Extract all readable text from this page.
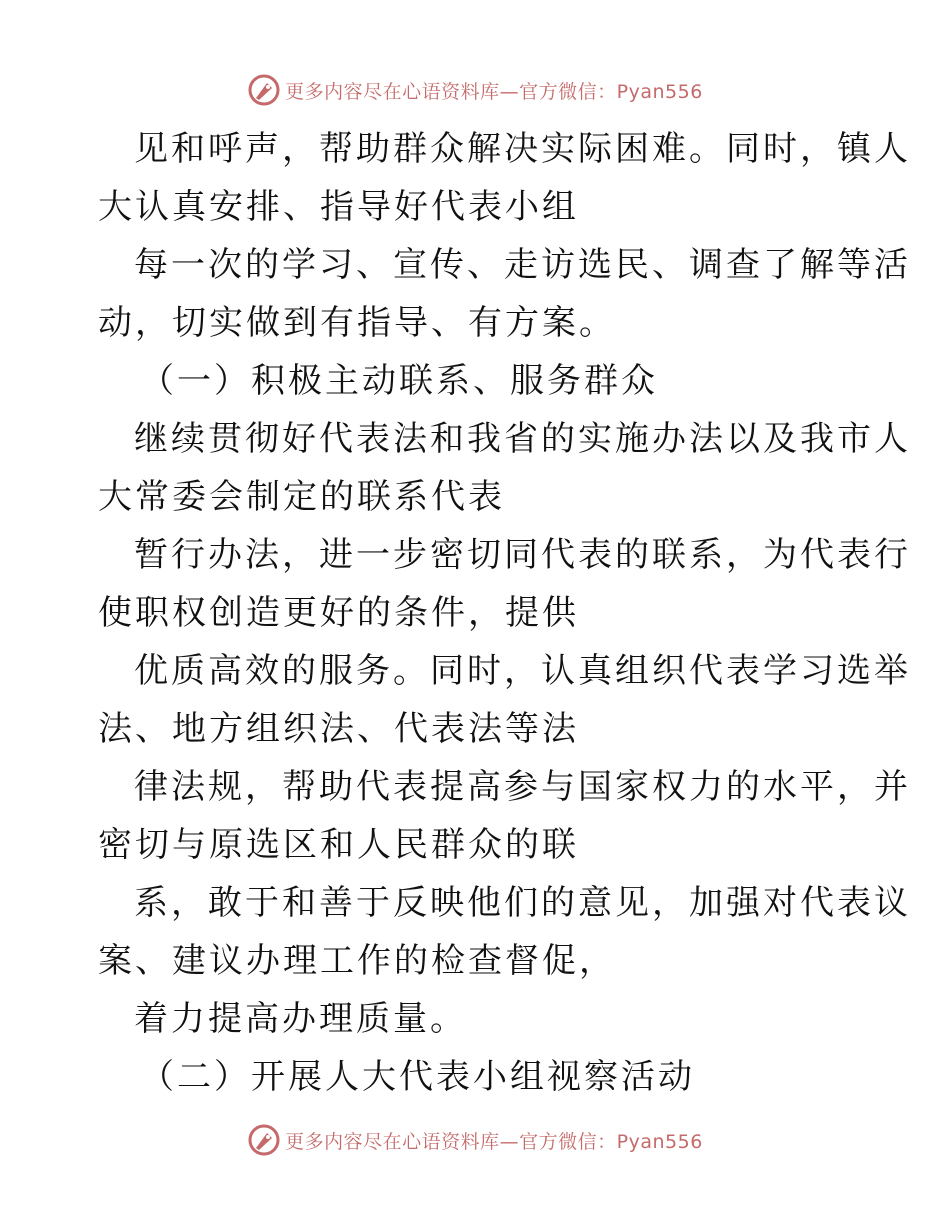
更多内容尽在心语资料库—官方微信：Pyan556
见和呼声，帮助群众解决实际困难。同时，镇人
大认真安排、指导好代表小组
每一次的学习、宣传、走访选民、调查了解等活
动，切实做到有指导、有方案。
（一）积极主动联系、服务群众
继续贯彻好代表法和我省的实施办法以及我市人
大常委会制定的联系代表
暂行办法，进一步密切同代表的联系，为代表行
使职权创造更好的条件，提供
优质高效的服务。同时，认真组织代表学习选举
法、地方组织法、代表法等法
律法规，帮助代表提高参与国家权力的水平，并
密切与原选区和人民群众的联
系，敢于和善于反映他们的意见，加强对代表议
案、建议办理工作的检查督促，
着力提高办理质量。
（二）开展人大代表小组视察活动
更多内容尽在心语资料库—官方微信：Pyan556
